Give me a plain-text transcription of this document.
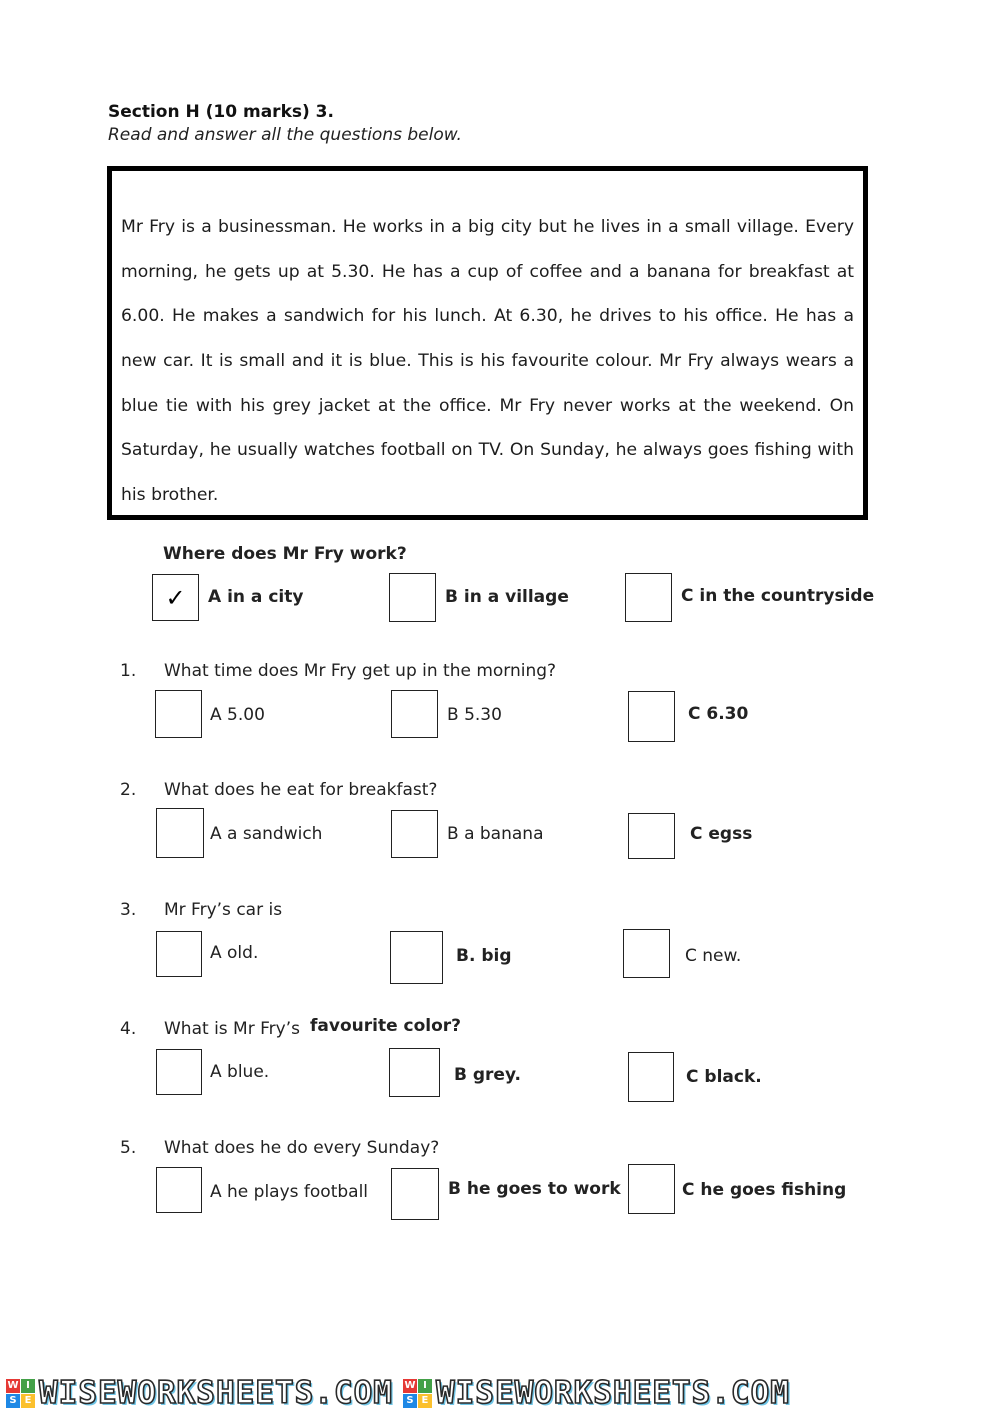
Section H (10 marks) 3.
Read and answer all the questions below.
Mr Fry is a businessman. He works in a big city but he lives in a small village. Every
morning, he gets up at 5.30. He has a cup of coffee and a banana for breakfast at
6.00. He makes a sandwich for his lunch. At 6.30, he drives to his office. He has a
new car. It is small and it is blue. This is his favourite colour. Mr Fry always wears a
blue tie with his grey jacket at the office. Mr Fry never works at the weekend. On
Saturday, he usually watches football on TV. On Sunday, he always goes fishing with
his brother.
Where does Mr Fry work?
✓	A in a city	B in a village	C in the countryside
1. What time does Mr Fry get up in the morning?
A 5.00	B 5.30	C 6.30
2. What does he eat for breakfast?
A a sandwich	B a banana	C egss
3. Mr Fry’s car is
A old.	B. big	C new.
4. What is Mr Fry’s favourite color?
A blue.	B grey.	C black.
5. What does he do every Sunday?
A he plays football	B he goes to work	C he goes fishing
W I
S E WISEWORKSHEETS.COM W I
S E WISEWORKSHEETS.COM
